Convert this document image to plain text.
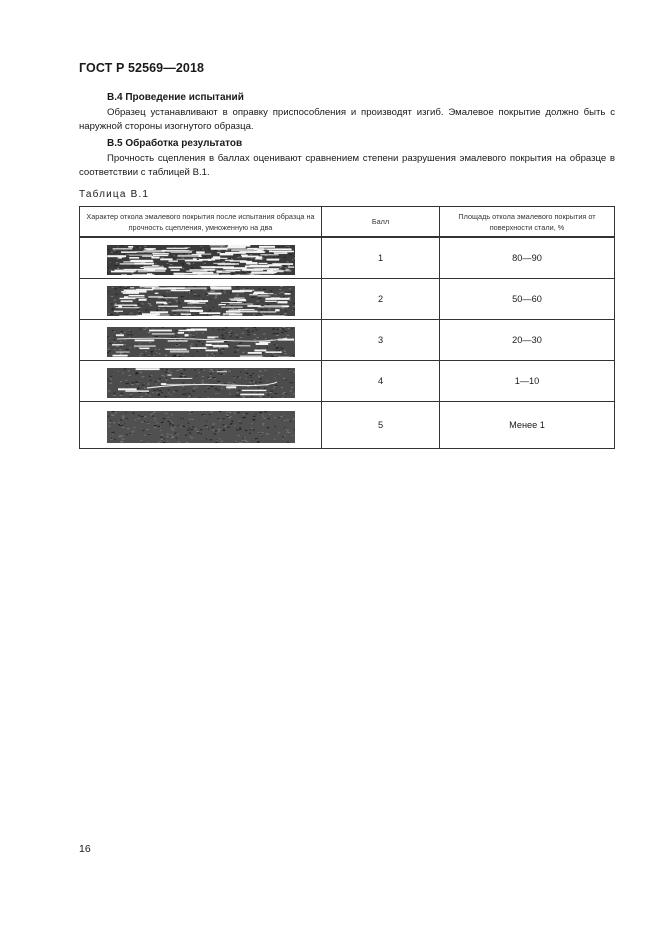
ГОСТ Р 52569—2018
В.4 Проведение испытаний
Образец устанавливают в оправку приспособления и производят изгиб. Эмалевое покрытие должно быть с наружной стороны изогнутого образца.
В.5 Обработка результатов
Прочность сцепления в баллах оценивают сравнением степени разрушения эмалевого покрытия на образце в соответствии с таблицей В.1.
Таблица В.1
Характер откола эмалевого покрытия после испытания образца на прочность сцепления, умноженную на два	Балл	Площадь откола эмалевого покрытия от поверхности стали, %

	1	80—90

	2	50—60

	3	20—30

	4	1—10

	5	Менее 1
16
